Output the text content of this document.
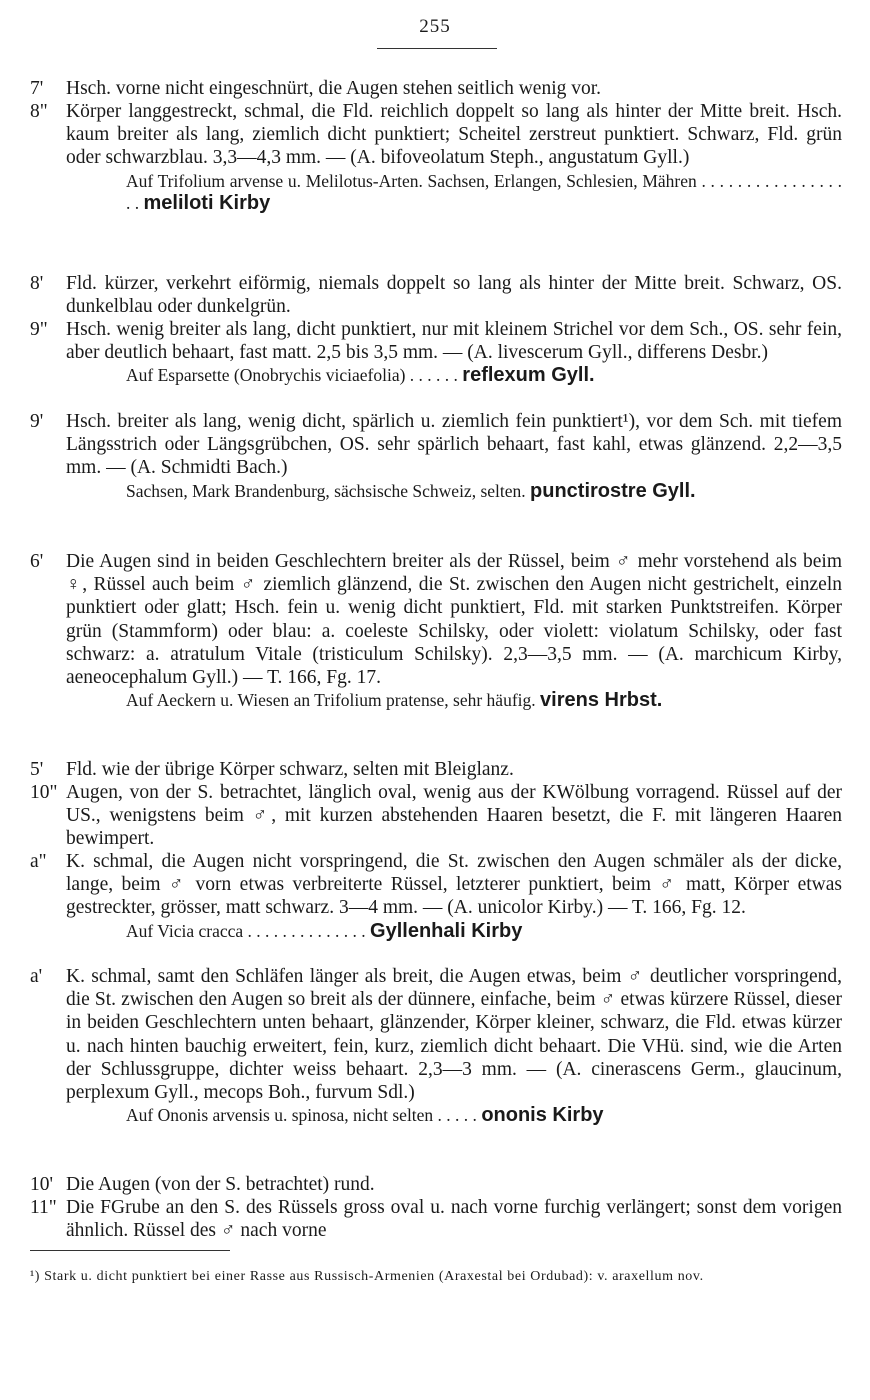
255
7'	Hsch. vorne nicht eingeschnürt, die Augen stehen seitlich wenig vor.
8" Körper langgestreckt, schmal, die Fld. reichlich doppelt so lang als hinter der Mitte breit. Hsch. kaum breiter als lang, ziemlich dicht punktiert; Scheitel zerstreut punktiert. Schwarz, Fld. grün oder schwarzblau. 3,3—4,3 mm. — (A. bifoveolatum Steph., angustatum Gyll.)
Auf Trifolium arvense u. Melilotus-Arten. Sachsen, Erlangen, Schlesien, Mähren . . . . . . . . . . . . . . . . . . meliloti Kirby
8'	Fld. kürzer, verkehrt eiförmig, niemals doppelt so lang als hinter der Mitte breit. Schwarz, OS. dunkelblau oder dunkelgrün.
9" Hsch. wenig breiter als lang, dicht punktiert, nur mit kleinem Strichel vor dem Sch., OS. sehr fein, aber deutlich behaart, fast matt. 2,5 bis 3,5 mm. — (A. livescerum Gyll., differens Desbr.)
Auf Esparsette (Onobrychis viciaefolia) . . . . . . reflexum Gyll.
9'	Hsch. breiter als lang, wenig dicht, spärlich u. ziemlich fein punktiert¹), vor dem Sch. mit tiefem Längsstrich oder Längsgrübchen, OS. sehr spärlich behaart, fast kahl, etwas glänzend. 2,2—3,5 mm. — (A. Schmidti Bach.)
Sachsen, Mark Brandenburg, sächsische Schweiz, selten. punctirostre Gyll.
6'	Die Augen sind in beiden Geschlechtern breiter als der Rüssel, beim ♂ mehr vorstehend als beim ♀, Rüssel auch beim ♂ ziemlich glänzend, die St. zwischen den Augen nicht gestrichelt, einzeln punktiert oder glatt; Hsch. fein u. wenig dicht punktiert, Fld. mit starken Punktstreifen. Körper grün (Stammform) oder blau: a. coeleste Schilsky, oder violett: violatum Schilsky, oder fast schwarz: a. atratulum Vitale (tristiculum Schilsky). 2,3—3,5 mm. — (A. marchicum Kirby, aeneocephalum Gyll.) — T. 166, Fg. 17.
Auf Aeckern u. Wiesen an Trifolium pratense, sehr häufig. virens Hrbst.
5'	Fld. wie der übrige Körper schwarz, selten mit Bleiglanz.
10" Augen, von der S. betrachtet, länglich oval, wenig aus der KWölbung vorragend. Rüssel auf der US., wenigstens beim ♂, mit kurzen abstehenden Haaren besetzt, die F. mit längeren Haaren bewimpert.
a" K. schmal, die Augen nicht vorspringend, die St. zwischen den Augen schmäler als der dicke, lange, beim ♂ vorn etwas verbreiterte Rüssel, letzterer punktiert, beim ♂ matt, Körper etwas gestreckter, grösser, matt schwarz. 3—4 mm. — (A. unicolor Kirby.) — T. 166, Fg. 12.
Auf Vicia cracca . . . . . . . . . . . . . . Gyllenhali Kirby
a'	K. schmal, samt den Schläfen länger als breit, die Augen etwas, beim ♂ deutlicher vorspringend, die St. zwischen den Augen so breit als der dünnere, einfache, beim ♂ etwas kürzere Rüssel, dieser in beiden Geschlechtern unten behaart, glänzender, Körper kleiner, schwarz, die Fld. etwas kürzer u. nach hinten bauchig erweitert, fein, kurz, ziemlich dicht behaart. Die VHü. sind, wie die Arten der Schlussgruppe, dichter weiss behaart. 2,3—3 mm. — (A. cinerascens Germ., glaucinum, perplexum Gyll., mecops Boh., furvum Sdl.)
Auf Ononis arvensis u. spinosa, nicht selten . . . . . ononis Kirby
10' Die Augen (von der S. betrachtet) rund.
11" Die FGrube an den S. des Rüssels gross oval u. nach vorne furchig verlängert; sonst dem vorigen ähnlich. Rüssel des ♂ nach vorne
¹) Stark u. dicht punktiert bei einer Rasse aus Russisch-Armenien (Araxestal bei Ordubad): v. araxellum nov.
